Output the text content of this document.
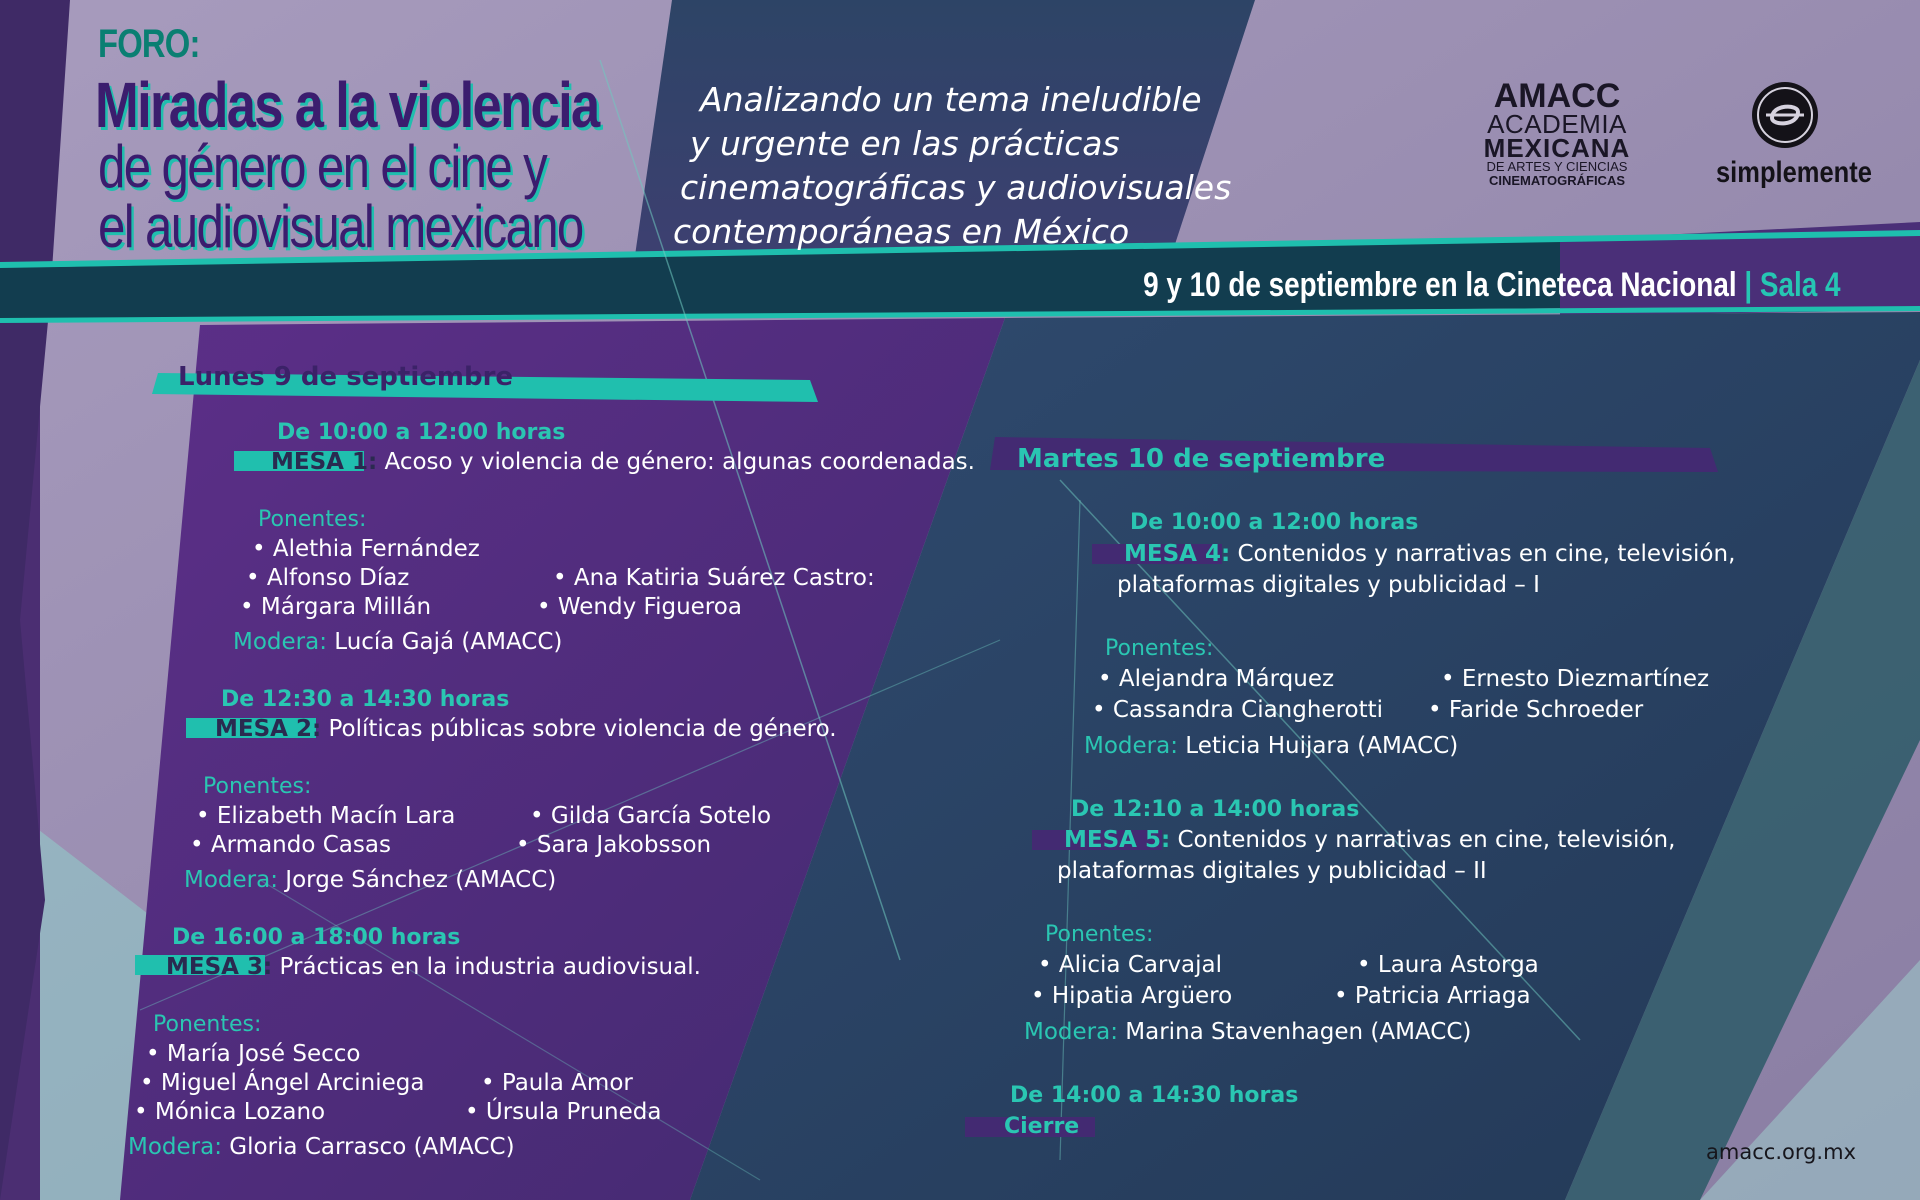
FORO:
Miradas a la violencia
de género en el cine y
el audiovisual mexicano
Analizando un tema ineludible
y urgente en las prácticas
cinematográficas y audiovisuales
contemporáneas en México
AMACC
ACADEMIA
MEXICANA
DE ARTES Y CIENCIAS
CINEMATOGRÁFICAS	simplemente
9 y 10 de septiembre en la Cineteca Nacional | Sala 4
Lunes 9 de septiembre
De 10:00 a 12:00 horas
MESA 1: Acoso y violencia de género: algunas coordenadas.
Ponentes:
• Alethia Fernández
• Alfonso Díaz	• Ana Katiria Suárez Castro:
• Márgara Millán	• Wendy Figueroa
Modera: Lucía Gajá (AMACC)
De 12:30 a 14:30 horas
MESA 2: Políticas públicas sobre violencia de género.
Ponentes:
• Elizabeth Macín Lara	• Gilda García Sotelo
• Armando Casas	• Sara Jakobsson
Modera: Jorge Sánchez (AMACC)
De 16:00 a 18:00 horas
MESA 3: Prácticas en la industria audiovisual.
Ponentes:
• María José Secco
• Miguel Ángel Arciniega • Paula Amor
• Mónica Lozano	• Úrsula Pruneda
Modera: Gloria Carrasco (AMACC)
Martes 10 de septiembre
De 10:00 a 12:00 horas
MESA 4: Contenidos y narrativas en cine, televisión,
plataformas digitales y publicidad – I
Ponentes:
• Alejandra Márquez	• Ernesto Diezmartínez
• Cassandra Ciangherotti • Faride Schroeder
Modera: Leticia Huijara (AMACC)
De 12:10 a 14:00 horas
MESA 5: Contenidos y narrativas en cine, televisión,
plataformas digitales y publicidad – II
Ponentes:
• Alicia Carvajal	• Laura Astorga
• Hipatia Argüero	• Patricia Arriaga
Modera: Marina Stavenhagen (AMACC)
De 14:00 a 14:30 horas
Cierre
amacc.org.mx
